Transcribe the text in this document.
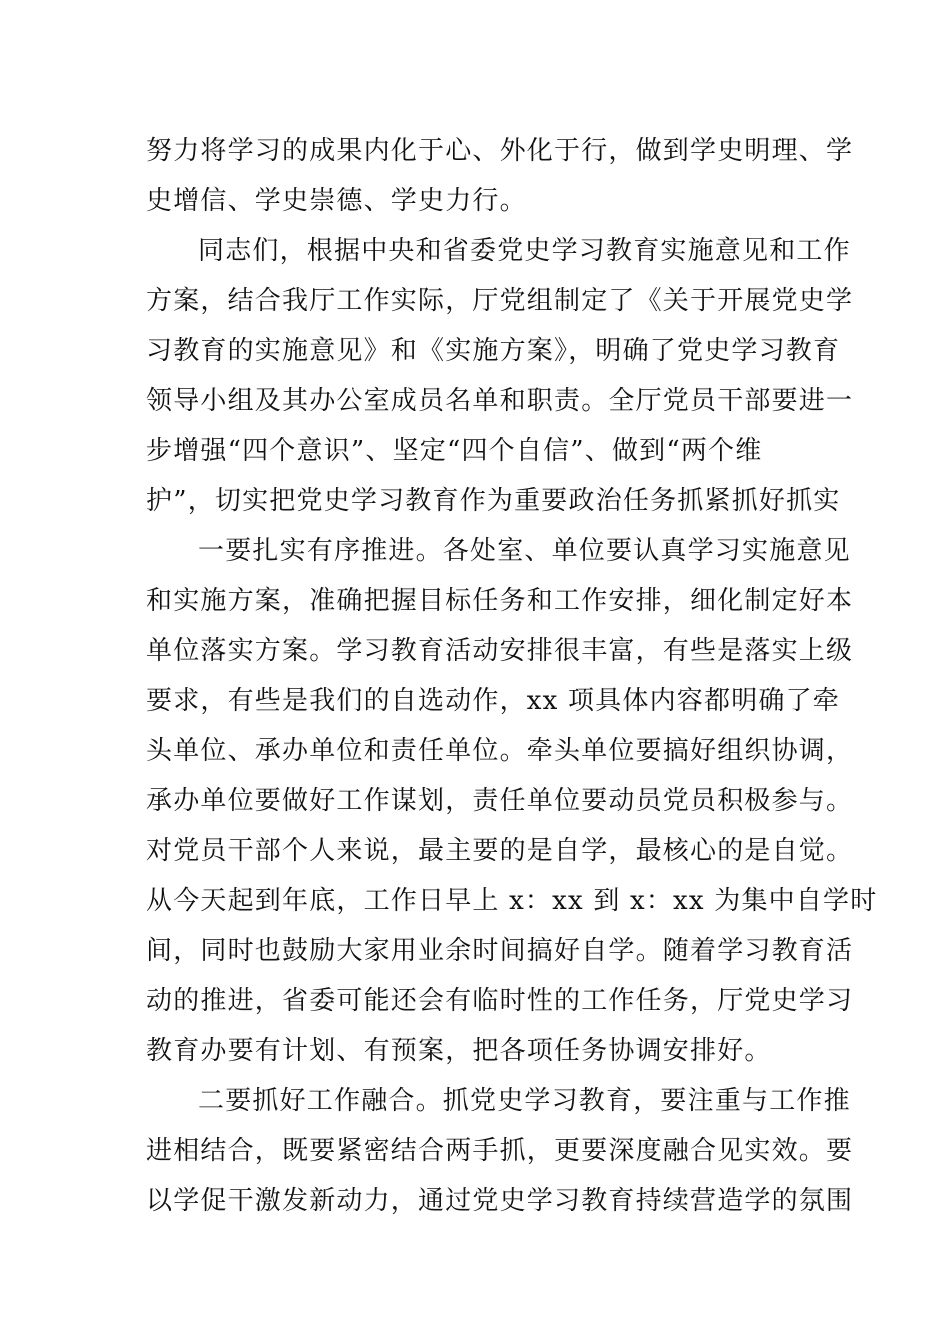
努力将学习的成果内化于心、外化于行，做到学史明理、学
史增信、学史崇德、学史力行。
同志们，根据中央和省委党史学习教育实施意见和工作
方案，结合我厅工作实际，厅党组制定了《关于开展党史学
习教育的实施意见》和《实施方案》，明确了党史学习教育
领导小组及其办公室成员名单和职责。全厅党员干部要进一
步增强“四个意识”、坚定“四个自信”、做到“两个维
护”，切实把党史学习教育作为重要政治任务抓紧抓好抓实
一要扎实有序推进。各处室、单位要认真学习实施意见
和实施方案，准确把握目标任务和工作安排，细化制定好本
单位落实方案。学习教育活动安排很丰富，有些是落实上级
要求，有些是我们的自选动作，xx 项具体内容都明确了牵
头单位、承办单位和责任单位。牵头单位要搞好组织协调，
承办单位要做好工作谋划，责任单位要动员党员积极参与。
对党员干部个人来说，最主要的是自学，最核心的是自觉。
从今天起到年底，工作日早上 x：xx 到 x：xx 为集中自学时
间，同时也鼓励大家用业余时间搞好自学。随着学习教育活
动的推进，省委可能还会有临时性的工作任务，厅党史学习
教育办要有计划、有预案，把各项任务协调安排好。
二要抓好工作融合。抓党史学习教育，要注重与工作推
进相结合，既要紧密结合两手抓，更要深度融合见实效。要
以学促干激发新动力，通过党史学习教育持续营造学的氛围
